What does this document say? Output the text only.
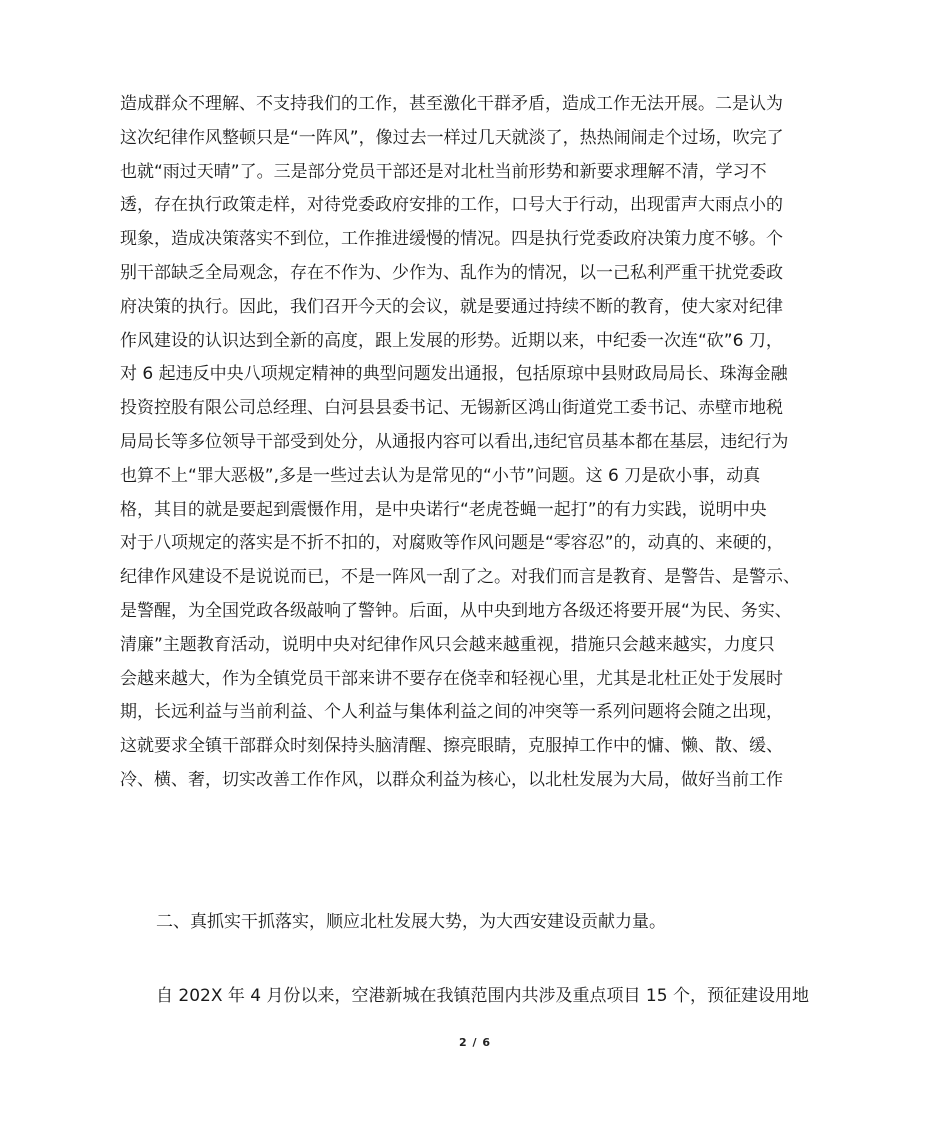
造成群众不理解、不支持我们的工作，甚至激化干群矛盾，造成工作无法开展。二是认为
这次纪律作风整顿只是“一阵风”，像过去一样过几天就淡了，热热闹闹走个过场，吹完了
也就“雨过天晴”了。三是部分党员干部还是对北杜当前形势和新要求理解不清，学习不
透，存在执行政策走样，对待党委政府安排的工作，口号大于行动，出现雷声大雨点小的
现象，造成决策落实不到位，工作推进缓慢的情况。四是执行党委政府决策力度不够。个
别干部缺乏全局观念，存在不作为、少作为、乱作为的情况，以一己私利严重干扰党委政
府决策的执行。因此，我们召开今天的会议，就是要通过持续不断的教育，使大家对纪律
作风建设的认识达到全新的高度，跟上发展的形势。近期以来，中纪委一次连“砍”6 刀，
对 6 起违反中央八项规定精神的典型问题发出通报，包括原琼中县财政局局长、珠海金融
投资控股有限公司总经理、白河县县委书记、无锡新区鸿山街道党工委书记、赤壁市地税
局局长等多位领导干部受到处分，从通报内容可以看出,违纪官员基本都在基层，违纪行为
也算不上“罪大恶极”,多是一些过去认为是常见的“小节”问题。这 6 刀是砍小事，动真
格，其目的就是要起到震慑作用，是中央诺行“老虎苍蝇一起打”的有力实践，说明中央
对于八项规定的落实是不折不扣的，对腐败等作风问题是“零容忍”的，动真的、来硬的，
纪律作风建设不是说说而已，不是一阵风一刮了之。对我们而言是教育、是警告、是警示、
是警醒，为全国党政各级敲响了警钟。后面，从中央到地方各级还将要开展“为民、务实、
清廉”主题教育活动，说明中央对纪律作风只会越来越重视，措施只会越来越实，力度只
会越来越大，作为全镇党员干部来讲不要存在侥幸和轻视心里，尤其是北杜正处于发展时
期，长远利益与当前利益、个人利益与集体利益之间的冲突等一系列问题将会随之出现，
这就要求全镇干部群众时刻保持头脑清醒、擦亮眼睛，克服掉工作中的慵、懒、散、缓、
冷、横、奢，切实改善工作作风，以群众利益为核心，以北杜发展为大局，做好当前工作
二、真抓实干抓落实，顺应北杜发展大势，为大西安建设贡献力量。
自 202X 年 4 月份以来，空港新城在我镇范围内共涉及重点项目 15 个，预征建设用地
2 / 6
